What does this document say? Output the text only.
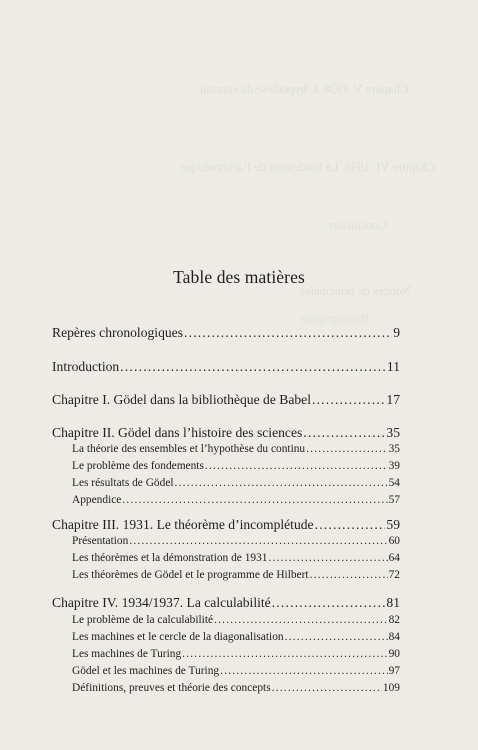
Chapitre V. 1938. L’hypothèse du continu
Chapitre VI. 1958. Le fondement de l’arithmétique
Conclusion
Notices de principales
Bibliographie
Table des matières
Repères chronologiques .....	9
Introduction .....	11
Chapitre I. Gödel dans la bibliothèque de Babel .....	17
Chapitre II. Gödel dans l’histoire des sciences .....	35
La théorie des ensembles et l’hypothèse du continu .....	35
Le problème des fondements .....	39
Les résultats de Gödel .....	54
Appendice .....	57
Chapitre III. 1931. Le théorème d’incomplétude .....	59
Présentation .....	60
Les théorèmes et la démonstration de 1931 .....	64
Les théorèmes de Gödel et le programme de Hilbert .....	72
Chapitre IV. 1934/1937. La calculabilité .....	81
Le problème de la calculabilité .....	82
Les machines et le cercle de la diagonalisation .....	84
Les machines de Turing .....	90
Gödel et les machines de Turing .....	97
Définitions, preuves et théorie des concepts .....	109
